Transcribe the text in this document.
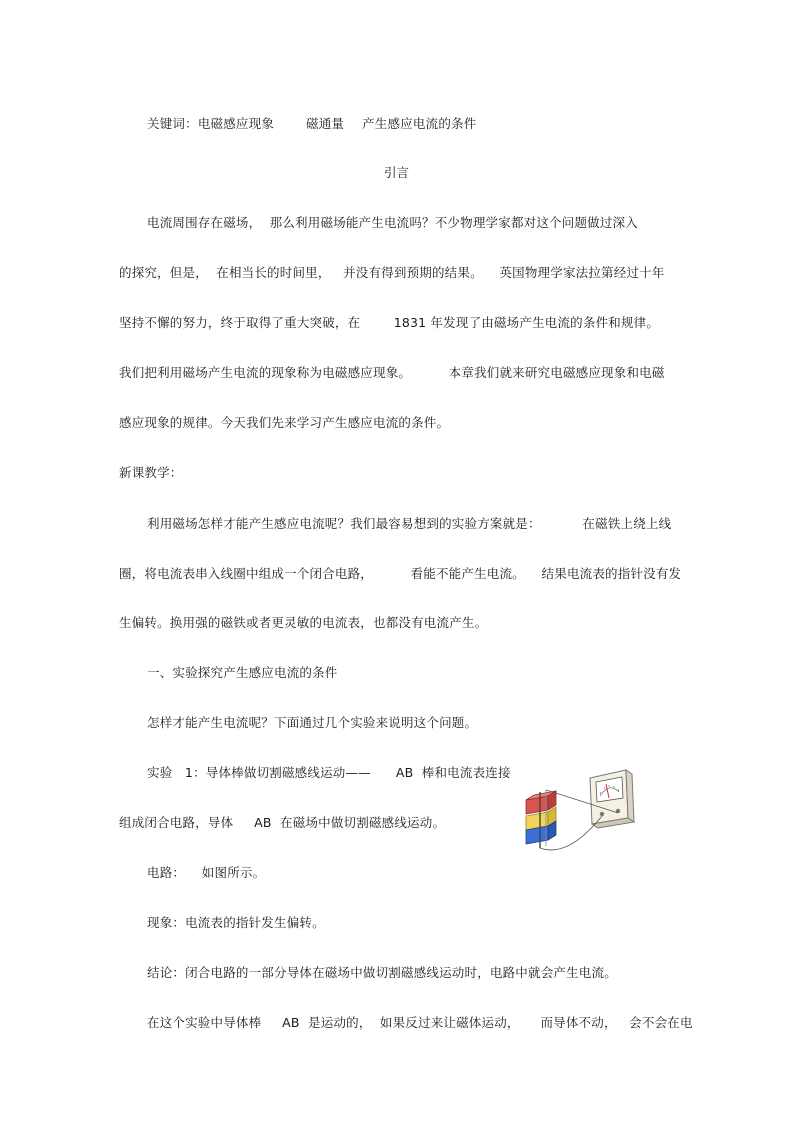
关键词：电磁感应现象	磁通量 产生感应电流的条件
引言
电流周围存在磁场，  那么利用磁场能产生电流吗？不少物理学家都对这个问题做过深入
的探究，但是，  在相当长的时间里，   并没有得到预期的结果。    英国物理学家法拉第经过十年
坚持不懈的努力，终于取得了重大突破，在        1831 年发现了由磁场产生电流的条件和规律。
我们把利用磁场产生电流的现象称为电磁感应现象。         本章我们就来研究电磁感应现象和电磁
感应现象的规律。今天我们先来学习产生感应电流的条件。
新课教学：
利用磁场怎样才能产生感应电流呢？我们最容易想到的实验方案就是：          在磁铁上绕上线
圈，将电流表串入线圈中组成一个闭合电路，         看能不能产生电流。    结果电流表的指针没有发
生偏转。换用强的磁铁或者更灵敏的电流表，也都没有电流产生。
一、实验探究产生感应电流的条件
怎样才能产生电流呢？下面通过几个实验来说明这个问题。
实验   1：导体棒做切割磁感线运动——      AB  棒和电流表连接
组成闭合电路，导体     AB  在磁场中做切割磁感线运动。
电路：    如图所示。
现象：电流表的指针发生偏转。
结论：闭合电路的一部分导体在磁场中做切割磁感线运动时，电路中就会产生电流。
在这个实验中导体棒     AB  是运动的，  如果反过来让磁体运动，     而导体不动，   会不会在电
